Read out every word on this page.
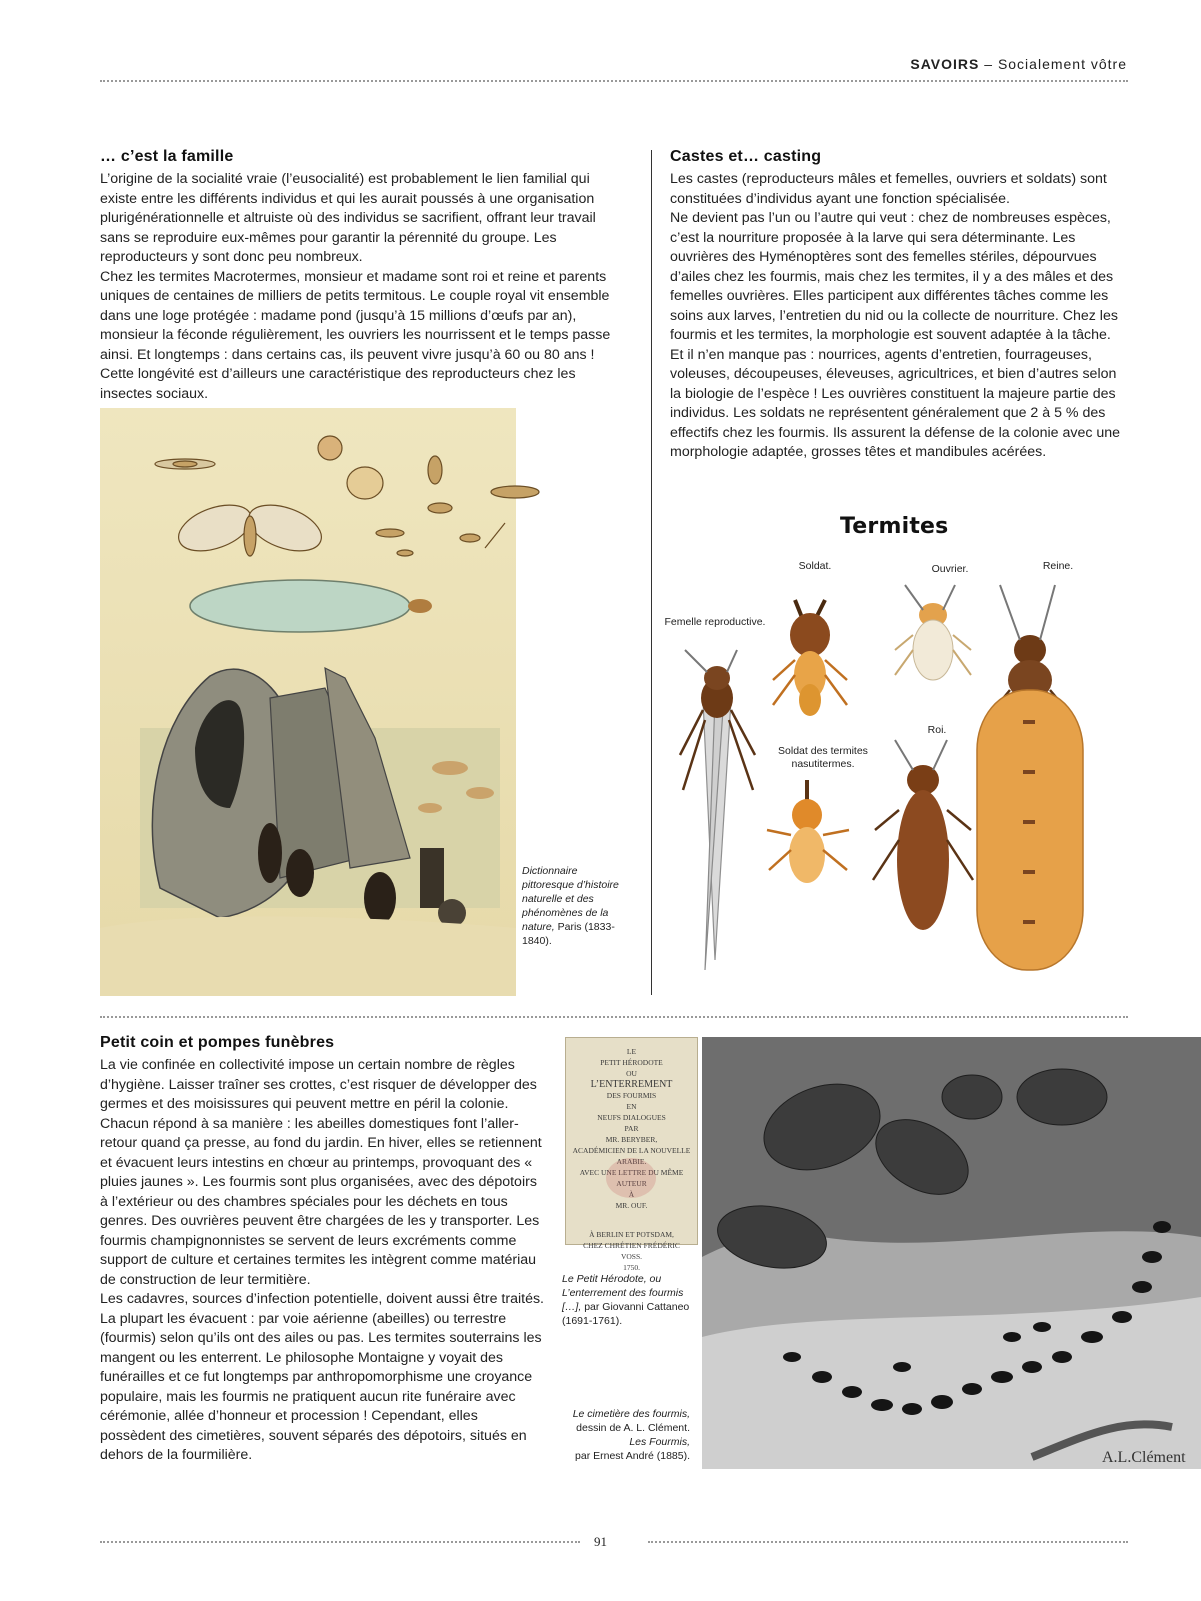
SAVOIRS – Socialement vôtre
… c’est la famille

L’origine de la socialité vraie (l’eusocialité) est probablement le lien familial qui existe entre les différents individus et qui les aurait poussés à une organisation plurigénérationnelle et altruiste où des individus se sacrifient, offrant leur travail sans se reproduire eux-mêmes pour garantir la pérennité du groupe. Les reproducteurs y sont donc peu nombreux.

Chez les termites Macrotermes, monsieur et madame sont roi et reine et parents uniques de centaines de milliers de petits termitous. Le couple royal vit ensemble dans une loge protégée : madame pond (jusqu’à 15 millions d’œufs par an), monsieur la féconde régulièrement, les ouvriers les nourrissent et le temps passe ainsi. Et longtemps : dans certains cas, ils peuvent vivre jusqu’à 60 ou 80 ans ! Cette longévité est d’ailleurs une caractéristique des reproducteurs chez les insectes sociaux.

Castes et… casting

Les castes (reproducteurs mâles et femelles, ouvriers et soldats) sont constituées d’individus ayant une fonction spécialisée.

Ne devient pas l’un ou l’autre qui veut : chez de nombreuses espèces, c’est la nourriture proposée à la larve qui sera déterminante. Les ouvrières des Hyménoptères sont des femelles stériles, dépourvues d’ailes chez les fourmis, mais chez les termites, il y a des mâles et des femelles ouvrières. Elles participent aux différentes tâches comme les soins aux larves, l’entretien du nid ou la collecte de nourriture. Chez les fourmis et les termites, la morphologie est souvent adaptée à la tâche. Et il n’en manque pas : nourrices, agents d’entretien, fourrageuses, voleuses, découpeuses, éleveuses, agricultrices, et bien d’autres selon la biologie de l’espèce ! Les ouvrières constituent la majeure partie des individus. Les soldats ne représentent généralement que 2 à 5 % des effectifs chez les fourmis. Ils assurent la défense de la colonie avec une morphologie adaptée, grosses têtes et mandibules acérées.

Dictionnaire pittoresque d’histoire naturelle et des phénomènes de la nature, Paris (1833-1840).
Termites
Femelle reproductive.
Soldat.	Ouvrier.	Reine.
Roi.
Soldat des termites nasutitermes.
Petit coin et pompes funèbres

La vie confinée en collectivité impose un certain nombre de règles d’hygiène. Laisser traîner ses crottes, c’est risquer de développer des germes et des moisissures qui peuvent mettre en péril la colonie. Chacun répond à sa manière : les abeilles domestiques font l’aller-retour quand ça presse, au fond du jardin. En hiver, elles se retiennent et évacuent leurs intestins en chœur au printemps, provoquant des « pluies jaunes ». Les fourmis sont plus organisées, avec des dépotoirs à l’extérieur ou des chambres spéciales pour les déchets en tous genres. Des ouvrières peuvent être chargées de les y transporter. Les fourmis champignonnistes se servent de leurs excréments comme support de culture et certaines termites les intègrent comme matériau de construction de leur termitière.

Les cadavres, sources d’infection potentielle, doivent aussi être traités. La plupart les évacuent : par voie aérienne (abeilles) ou terrestre (fourmis) selon qu’ils ont des ailes ou pas. Les termites souterrains les mangent ou les enterrent. Le philosophe Montaigne y voyait des funérailles et ce fut longtemps par anthropomorphisme une croyance populaire, mais les fourmis ne pratiquent aucun rite funéraire avec cérémonie, allée d’honneur et procession ! Cependant, elles possèdent des cimetières, souvent séparés des dépotoirs, situés en dehors de la fourmilière.

LE
PETIT HÉRODOTE
OU
L’ENTERREMENT
DES FOURMIS
EN
NEUFS DIALOGUES
PAR
MR. BERYBER,
ACADÉMICIEN DE LA NOUVELLE ARABIE.
AVEC UNE LETTRE DU MÊME AUTEUR
À
MR. OUF.
À BERLIN ET POTSDAM,
CHEZ CHRÉTIEN FRÉDÉRIC VOSS.
1750.
Le Petit Hérodote, ou L’enterrement des fourmis […], par Giovanni Cattaneo (1691-1761).
A.L.Clément
Le cimetière des fourmis,
dessin de A. L. Clément.
Les Fourmis,
par Ernest André (1885).
91
